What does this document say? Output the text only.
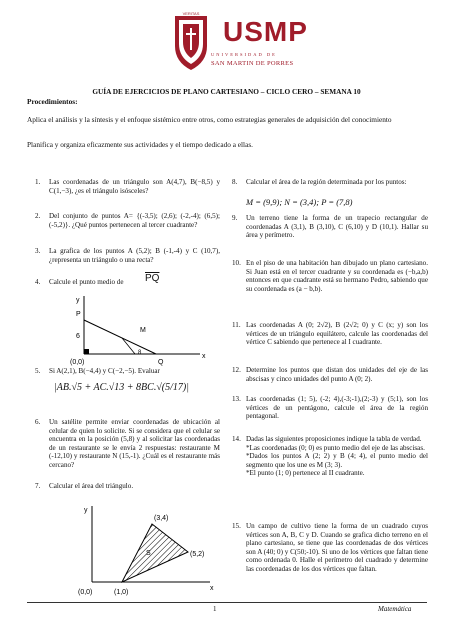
VERITAS
USMP
UNIVERSIDAD DE
SAN MARTIN DE PORRES
GUÍA DE EJERCICIOS DE PLANO CARTESIANO – CICLO CERO – SEMANA 10
Procedimientos:
Aplica el análisis y la síntesis y el enfoque sistémico entre otros, como estrategias generales de adquisición del conocimiento
Planifica y organiza eficazmente sus actividades y el tiempo dedicado a ellas.
1. Las coordenadas de un triángulo son A(4,7), B(−8,5) y C(1,−3), ¿es el triángulo isósceles?
2. Del conjunto de puntos A= {(-3,5); (2,6); (-2,-4); (6,5); (-5,2)}. ¿Qué puntos pertenecen al tercer cuadrante?
3. La grafica de los puntos A (5,2); B (-1,-4) y C (10,7), ¿representa un triángulo o una recta?
4. Calcule el punto medio de $\overline{PQ}$
y
x
P
6
M
8
(0,0)	Q
5. Si A(2,1), B(−4,4) y C(−2,−5). Evaluar
|AB.√5 + AC.√13 + 8BC.√(5/17)|
6. Un satélite permite enviar coordenadas de ubicación al celular de quien lo solicite. Si se considera que el celular se encuentra en la posición (5,8) y al solicitar las coordenadas de un restaurante se le envía 2 respuestas: restaurante M (-12,10) y restaurante N (15,-1). ¿Cuál es el restaurante más cercano?
7. Calcular el área del triángulo.
y
x
(3,4)
(5,2)
S
(0,0)	(1,0)
8. Calcular el área de la región determinada por los puntos:
M = (9,9); N = (3,4); P = (7,8)
9. Un terreno tiene la forma de un trapecio rectangular de coordenadas A (3,1), B (3,10), C (6,10) y D (10,1). Hallar su área y perímetro.
10. En el piso de una habitación han dibujado un plano cartesiano. Si Juan está en el tercer cuadrante y su coordenada es (−b,a,b) entonces en que cuadrante está su hermano Pedro, sabiendo que su coordenada es (a − b,b).
11. Las coordenadas A (0; 2√2), B (2√2; 0) y C (x; y) son los vértices de un triángulo equilátero, calcule las coordenadas del vértice C sabiendo que pertenece al I cuadrante.
12. Determine los puntos que distan dos unidades del eje de las abscisas y cinco unidades del punto A (0; 2).
13. Las coordenadas (1; 5), (-2; 4),(-3;-1),(2;-3) y (5;1), son los vértices de un pentágono, calcule el área de la región pentagonal.

14. Dadas las siguientes proposiciones indique la tabla de verdad.
*Las coordenadas (0; 0) es punto medio del eje de las abscisas.
*Dados los puntos A (2; 2) y B (4; 4), el punto medio del segmento que los une es M (3; 3).
*El punto (1; 0) pertenece al II cuadrante.

15. Un campo de cultivo tiene la forma de un cuadrado cuyos vértices son A, B, C y D. Cuando se grafica dicho terreno en el plano cartesiano, se tiene que las coordenadas de dos vértices son A (40; 0) y C(50;-10). Si uno de los vértices que faltan tiene como ordenada 0. Halle el perímetro del cuadrado y determine las coordenadas de los dos vértices que faltan.
1	Matemática
